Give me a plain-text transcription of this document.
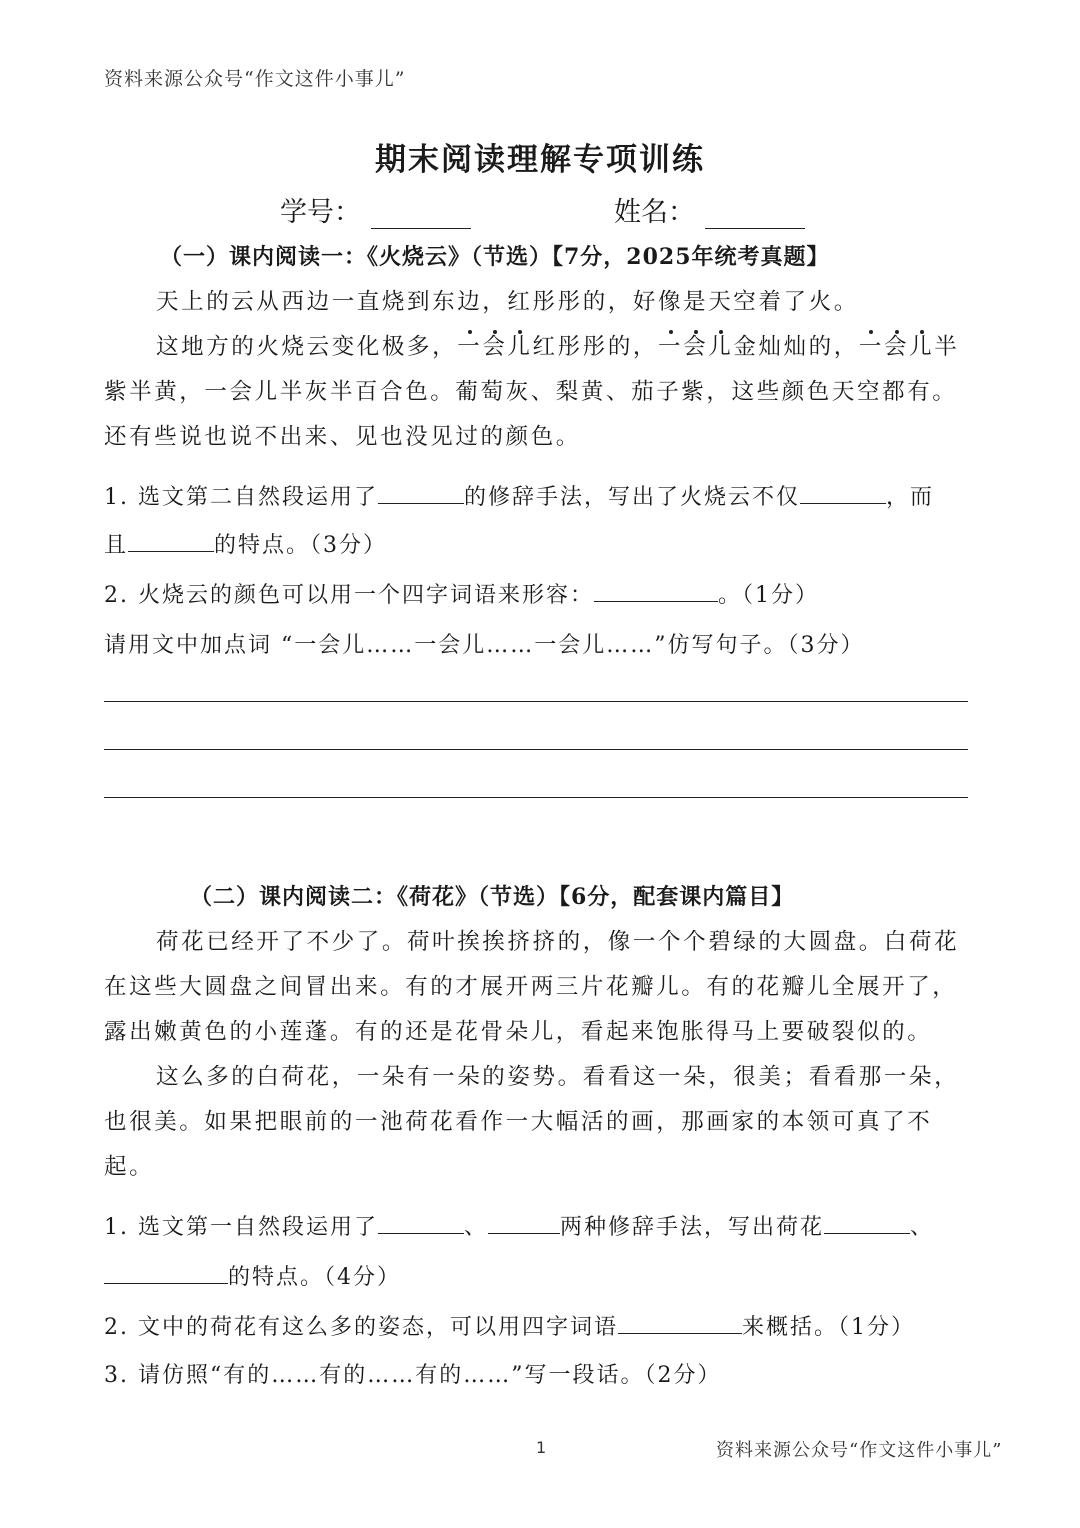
资料来源公众号“作文这件小事儿”
期末阅读理解专项训练
学号：	姓名：
（一）课内阅读一：《火烧云》（节选）【7分，2025年统考真题】
天上的云从西边一直烧到东边，红彤彤的，好像是天空着了火。
这地方的火烧云变化极多，一会儿红彤彤的，一会儿金灿灿的，一会儿半紫半黄，一会儿半灰半百合色。葡萄灰、梨黄、茄子紫，这些颜色天空都有。还有些说也说不出来、见也没见过的颜色。
1. 选文第二自然段运用了	的修辞手法，写出了火烧云不仅	，而
且	的特点。（3分）
2. 火烧云的颜色可以用一个四字词语来形容：	。（1分）
请用文中加点词 “一会儿……一会儿……一会儿……”仿写句子。（3分）
（二）课内阅读二：《荷花》（节选）【6分，配套课内篇目】
荷花已经开了不少了。荷叶挨挨挤挤的，像一个个碧绿的大圆盘。白荷花在这些大圆盘之间冒出来。有的才展开两三片花瓣儿。有的花瓣儿全展开了，露出嫩黄色的小莲蓬。有的还是花骨朵儿，看起来饱胀得马上要破裂似的。
这么多的白荷花，一朵有一朵的姿势。看看这一朵，很美；看看那一朵，也很美。如果把眼前的一池荷花看作一大幅活的画，那画家的本领可真了不起。
1. 选文第一自然段运用了	、	两种修辞手法，写出荷花	、
的特点。（4分）
2. 文中的荷花有这么多的姿态，可以用四字词语	来概括。（1分）
3. 请仿照“有的……有的……有的……”写一段话。（2分）
1	资料来源公众号“作文这件小事儿”
